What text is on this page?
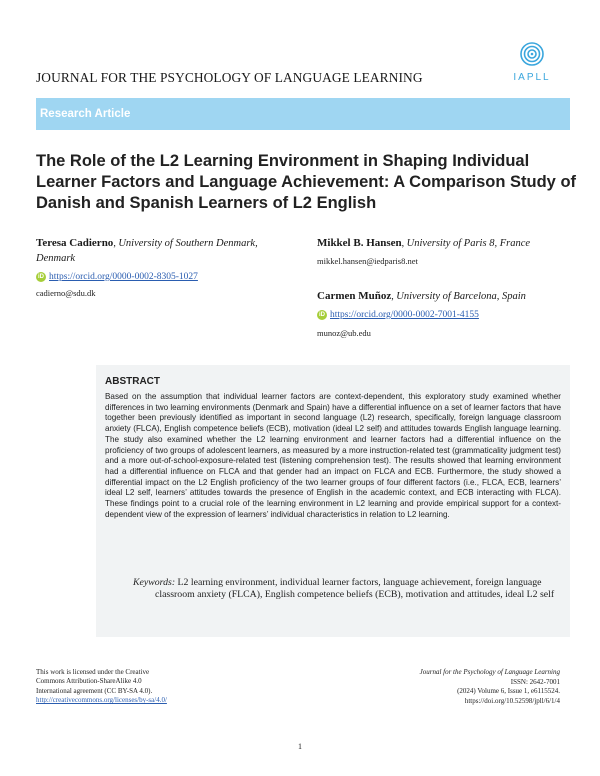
JOURNAL FOR THE PSYCHOLOGY OF LANGUAGE LEARNING	IAPLL
Research Article
The Role of the L2 Learning Environment in Shaping Individual Learner Factors and Language Achievement: A Comparison Study of Danish and Spanish Learners of L2 English
Teresa Cadierno, University of Southern Denmark, Denmark
iD https://orcid.org/0000-0002-8305-1027
cadierno@sdu.dk
Mikkel B. Hansen, University of Paris 8, France
mikkel.hansen@iedparis8.net
Carmen Muñoz, University of Barcelona, Spain
iD https://orcid.org/0000-0002-7001-4155
munoz@ub.edu
ABSTRACT
Based on the assumption that individual learner factors are context-dependent, this exploratory study examined whether differences in two learning environments (Denmark and Spain) have a differential influence on a set of learner factors that have together been previously identified as important in second language (L2) research, specifically, foreign language classroom anxiety (FLCA), English competence beliefs (ECB), motivation (ideal L2 self) and attitudes towards English language learning. The study also examined whether the L2 learning environment and learner factors had a differential influence on the proficiency of two groups of adolescent learners, as measured by a more instruction-related test (grammaticality judgment test) and a more out-of-school-exposure-related test (listening comprehension test). The results showed that learning environment had a differential influence on FLCA and that gender had an impact on FLCA and ECB. Furthermore, the study showed a differential impact on the L2 English proficiency of the two learner groups of four different factors (i.e., FLCA, ECB, learners’ ideal L2 self, learners’ attitudes towards the presence of English in the academic context, and ECB interacting with FLCA). These findings point to a crucial role of the learning environment in L2 learning and provide empirical support for a context-dependent view of the expression of learners’ individual characteristics in relation to L2 learning.
Keywords: L2 learning environment, individual learner factors, language achievement, foreign language classroom anxiety (FLCA), English competence beliefs (ECB), motivation and attitudes, ideal L2 self
This work is licensed under the Creative
Commons Attribution-ShareAlike 4.0
International agreement (CC BY-SA 4.0).
http://creativecommons.org/licenses/by-sa/4.0/
Journal for the Psychology of Language Learning
ISSN: 2642-7001
(2024) Volume 6, Issue 1, e6115524.
https://doi.org/10.52598/jpll/6/1/4
1
